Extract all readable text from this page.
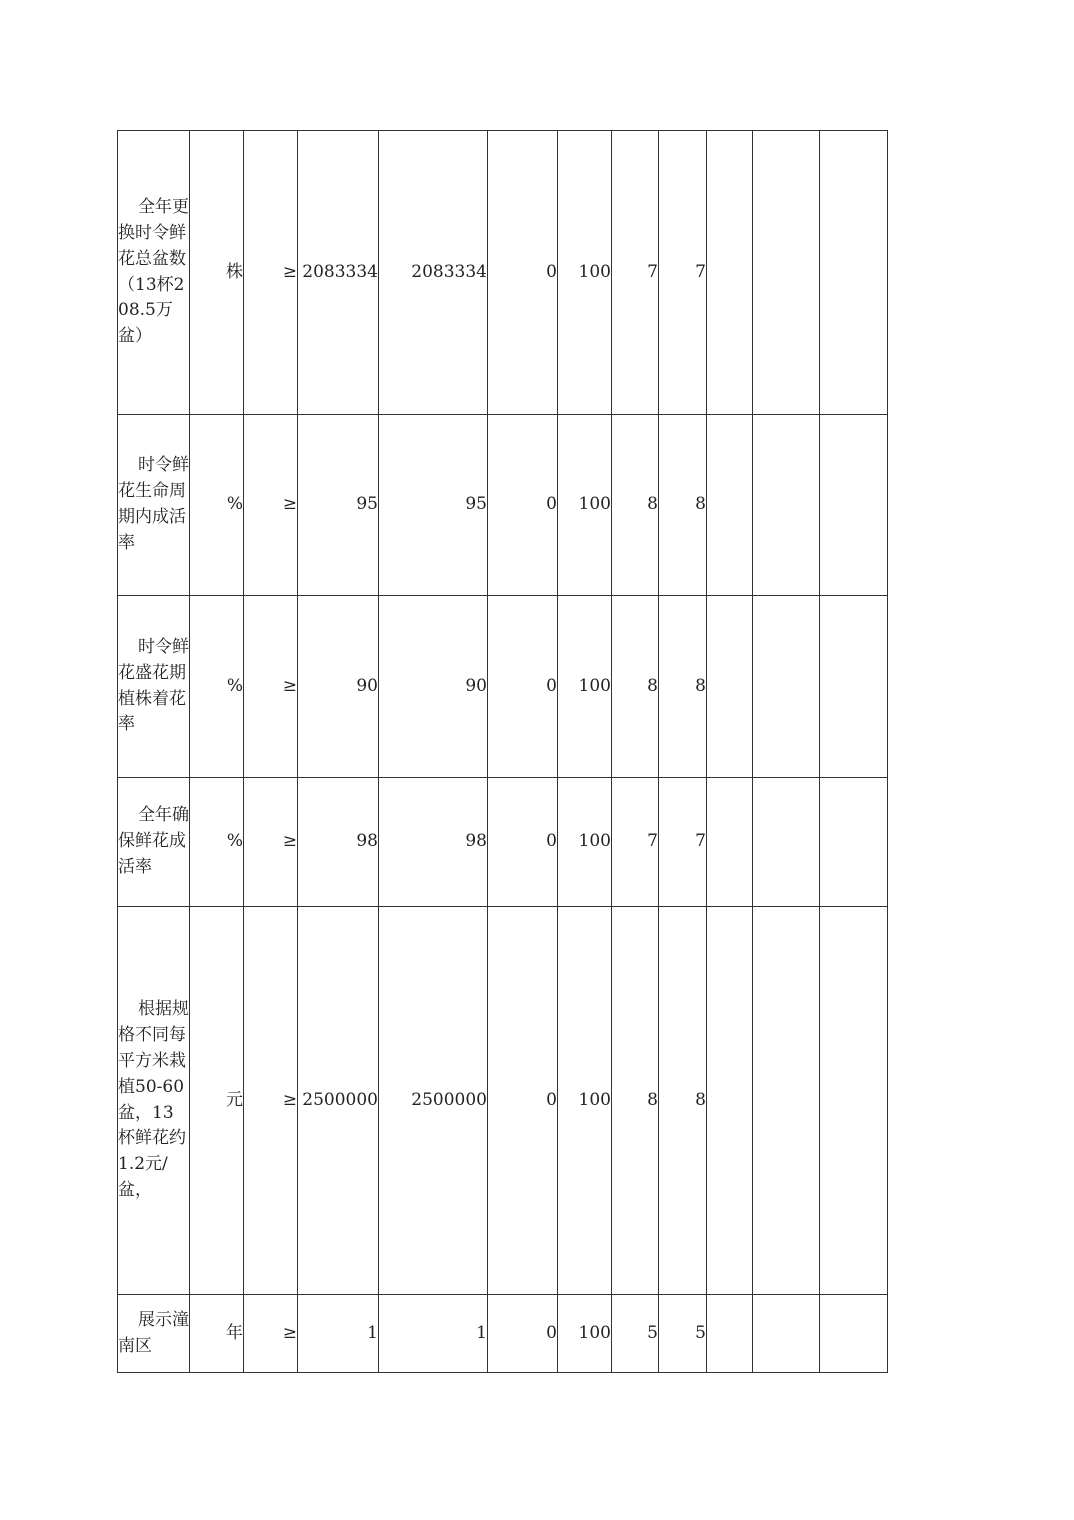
全年更换时令鲜花总盆数（13杯208.5万盆）	株	≥	2083334	2083334	0	100	7	7			
时令鲜花生命周期内成活率	%	≥	95	95	0	100	8	8			
时令鲜花盛花期植株着花率	%	≥	90	90	0	100	8	8			
全年确保鲜花成活率	%	≥	98	98	0	100	7	7			
根据规格不同每平方米栽植50-60盆，13杯鲜花约1.2元/盆，	元	≥	2500000	2500000	0	100	8	8			
展示潼南区	年	≥	1	1	0	100	5	5			
